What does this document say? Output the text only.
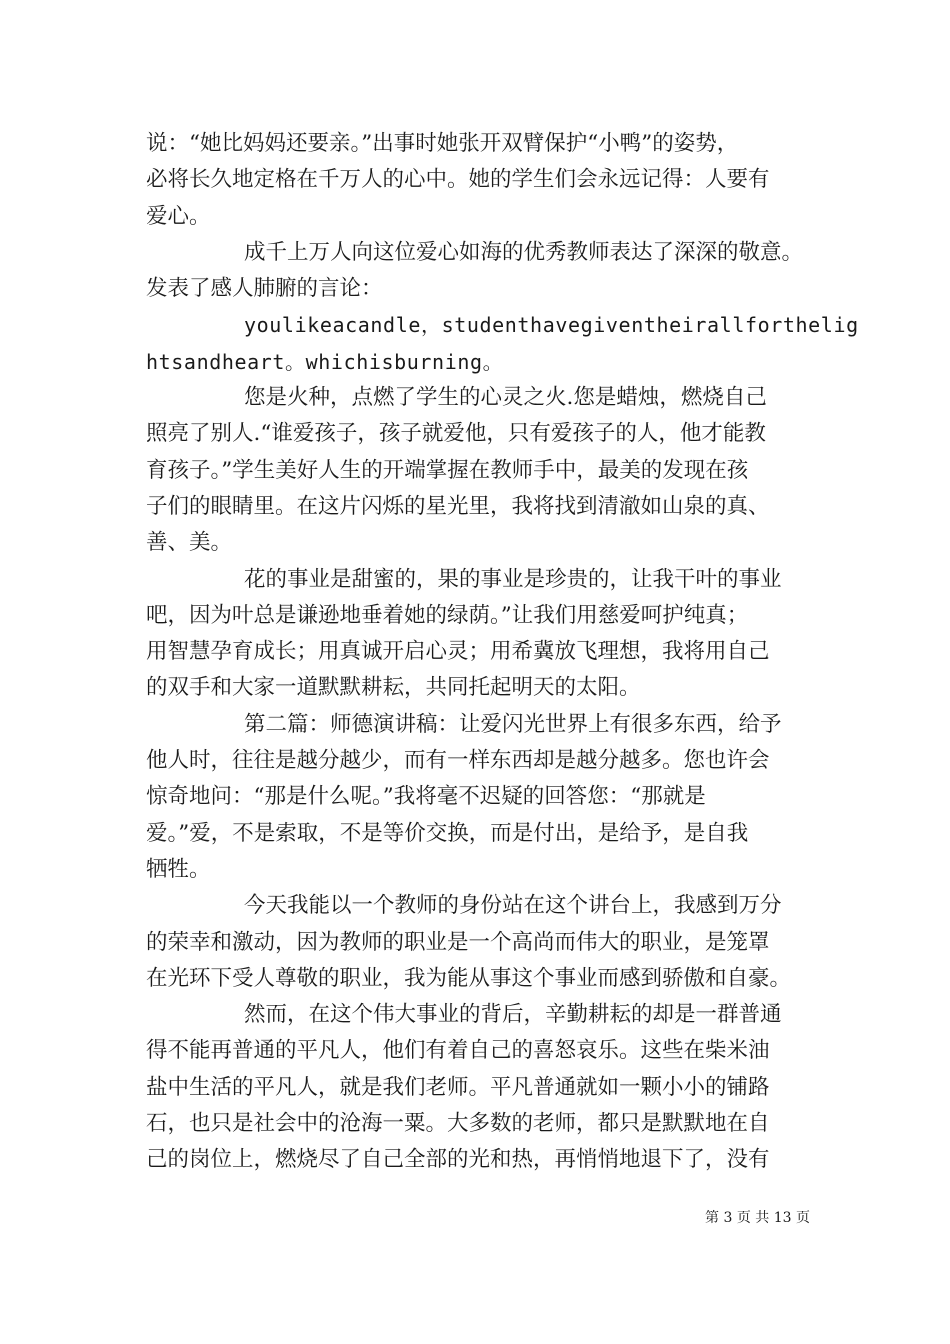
说：“她比妈妈还要亲。”出事时她张开双臂保护“小鸭”的姿势，
必将长久地定格在千万人的心中。她的学生们会永远记得：人要有
爱心。
成千上万人向这位爱心如海的优秀教师表达了深深的敬意。
发表了感人肺腑的言论：
youlikeacandle，studenthavegiventheirallforthelig
htsandheart。whichisburning。
您是火种，点燃了学生的心灵之火.您是蜡烛，燃烧自己
照亮了别人.“谁爱孩子，孩子就爱他，只有爱孩子的人，他才能教
育孩子。”学生美好人生的开端掌握在教师手中，最美的发现在孩
子们的眼睛里。在这片闪烁的星光里，我将找到清澈如山泉的真、
善、美。
花的事业是甜蜜的，果的事业是珍贵的，让我干叶的事业
吧，因为叶总是谦逊地垂着她的绿荫。”让我们用慈爱呵护纯真；
用智慧孕育成长；用真诚开启心灵；用希冀放飞理想，我将用自己
的双手和大家一道默默耕耘，共同托起明天的太阳。
第二篇：师德演讲稿：让爱闪光世界上有很多东西，给予
他人时，往往是越分越少，而有一样东西却是越分越多。您也许会
惊奇地问：“那是什么呢。”我将毫不迟疑的回答您：“那就是
爱。”爱，不是索取，不是等价交换，而是付出，是给予，是自我
牺牲。
今天我能以一个教师的身份站在这个讲台上，我感到万分
的荣幸和激动，因为教师的职业是一个高尚而伟大的职业，是笼罩
在光环下受人尊敬的职业，我为能从事这个事业而感到骄傲和自豪。
然而，在这个伟大事业的背后，辛勤耕耘的却是一群普通
得不能再普通的平凡人，他们有着自己的喜怒哀乐。这些在柴米油
盐中生活的平凡人，就是我们老师。平凡普通就如一颗小小的铺路
石，也只是社会中的沧海一粟。大多数的老师，都只是默默地在自
己的岗位上，燃烧尽了自己全部的光和热，再悄悄地退下了，没有
第 3 页 共 13 页
